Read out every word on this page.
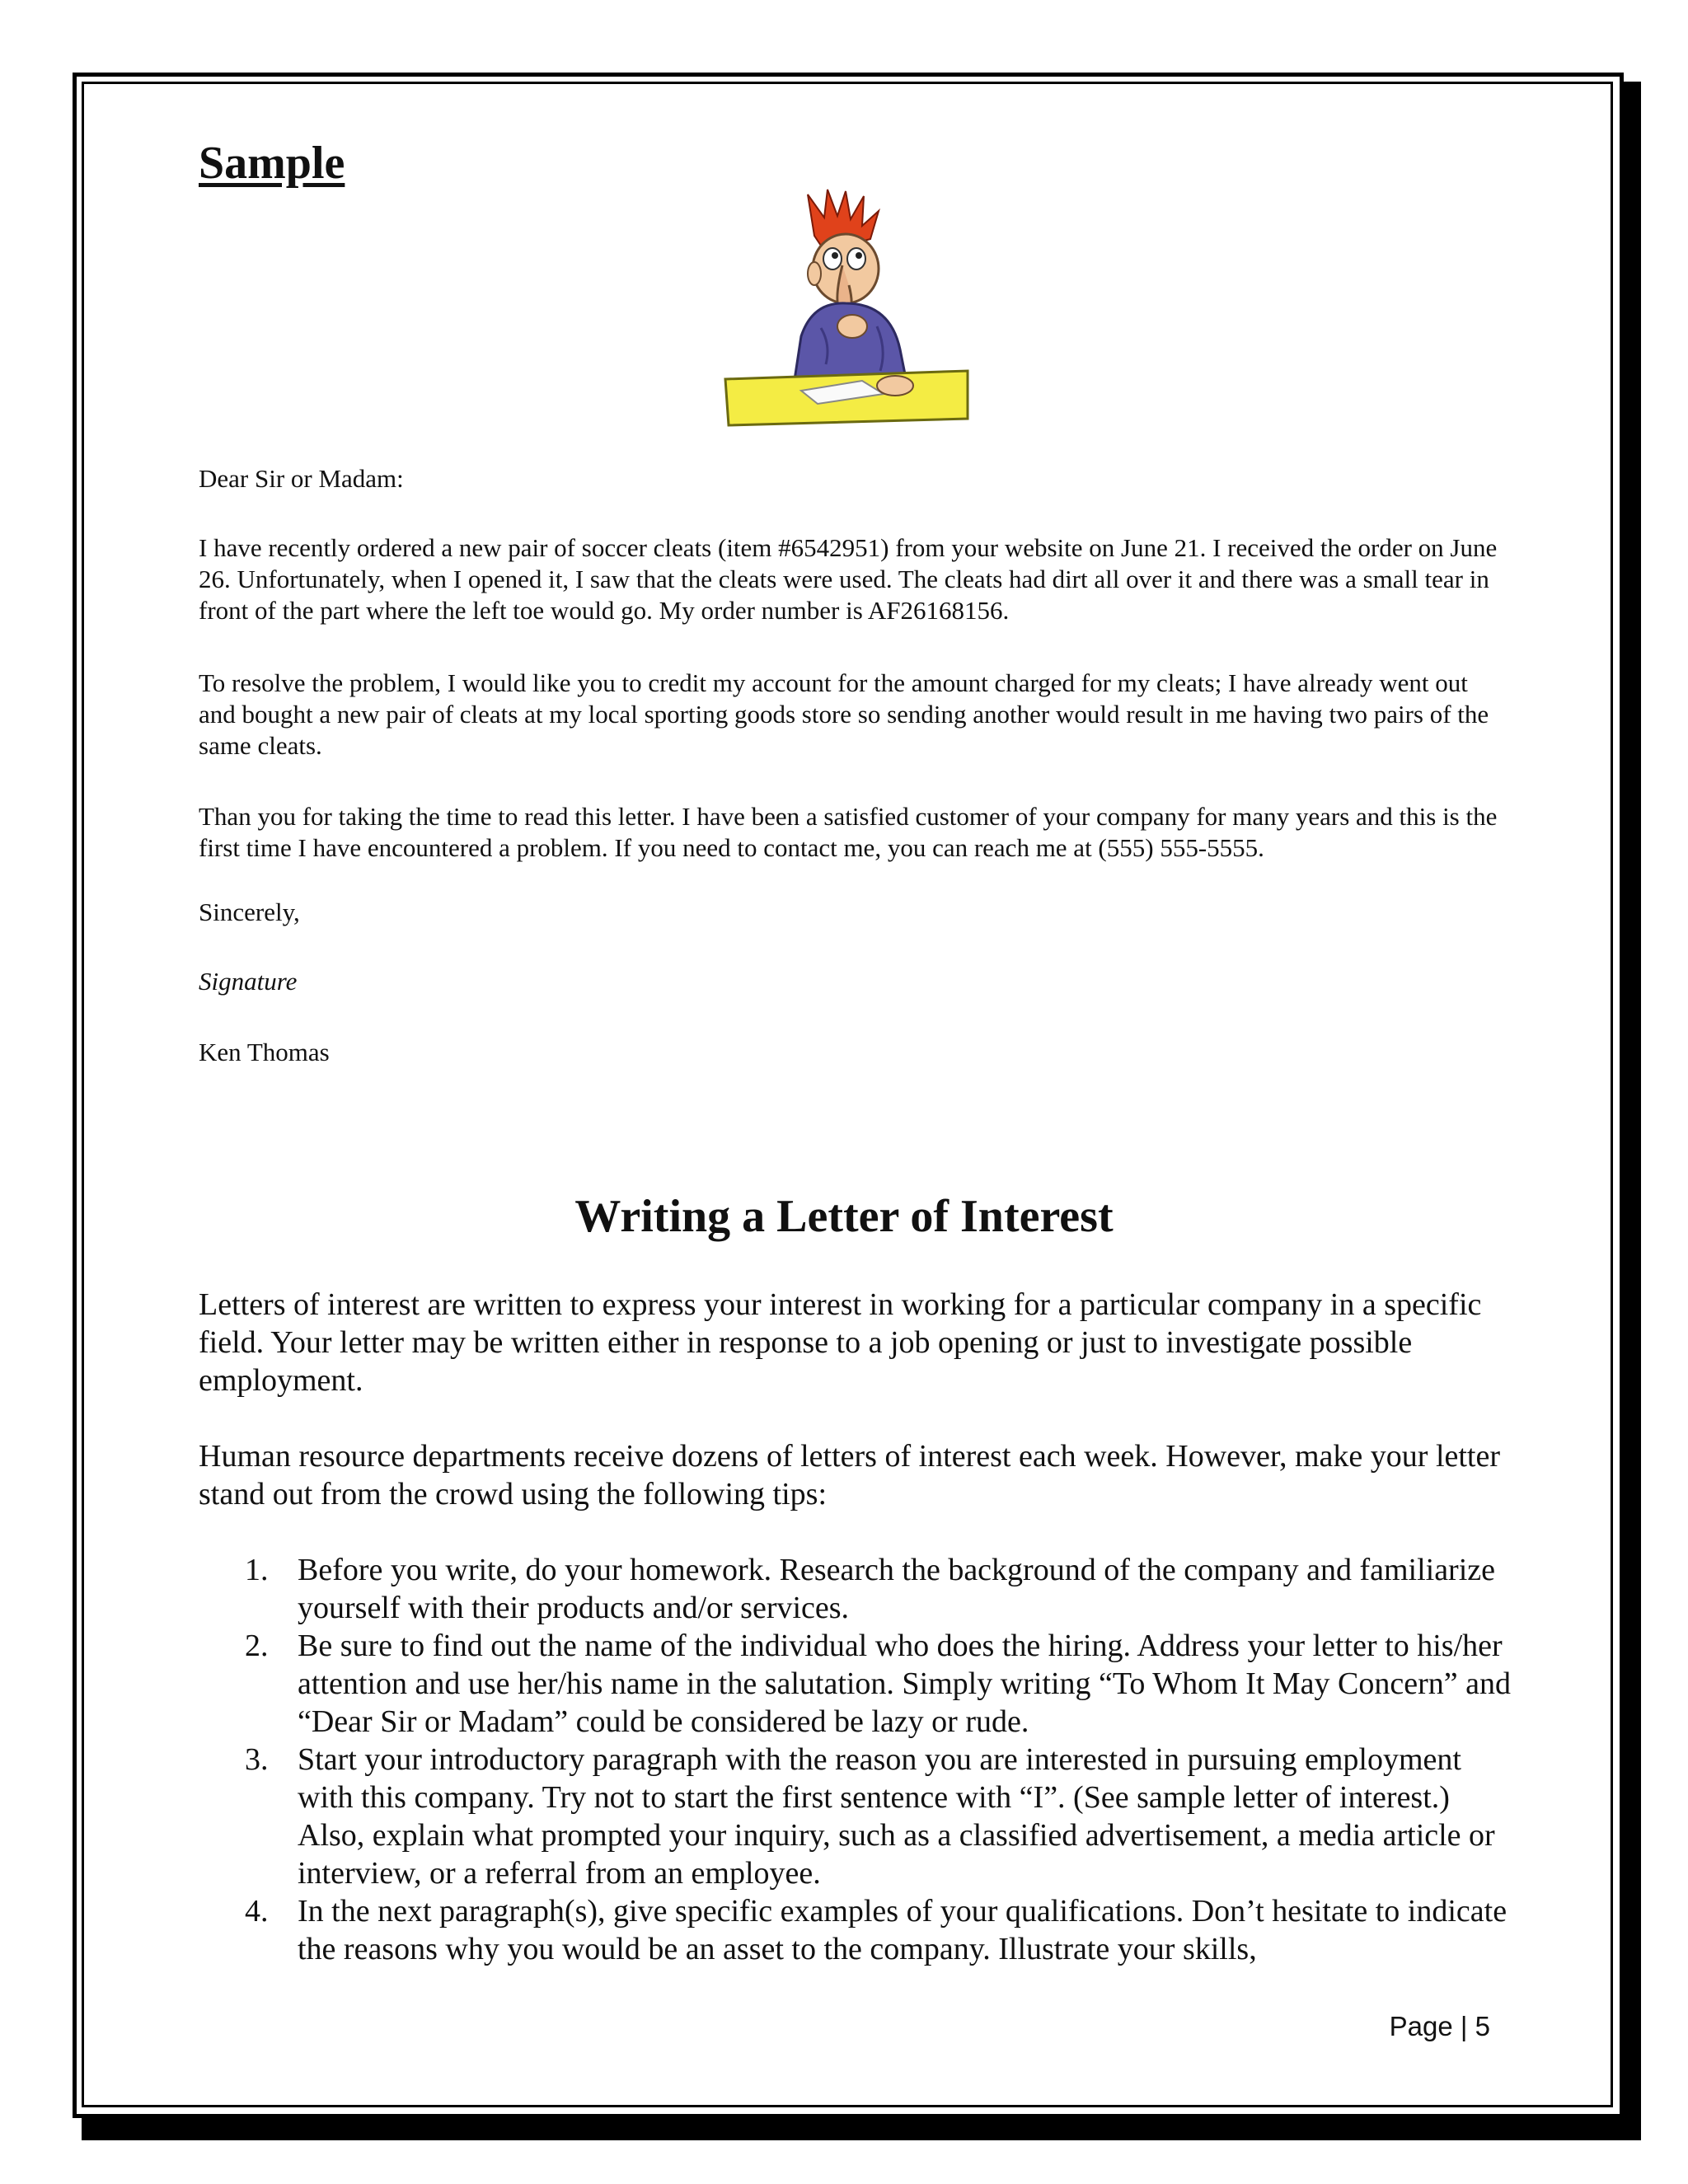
Sample

Dear Sir or Madam:

I have recently ordered a new pair of soccer cleats (item #6542951) from your website on June 21. I received the order on June 26. Unfortunately, when I opened it, I saw that the cleats were used. The cleats had dirt all over it and there was a small tear in front of the part where the left toe would go. My order number is AF26168156.

To resolve the problem, I would like you to credit my account for the amount charged for my cleats; I have already went out and bought a new pair of cleats at my local sporting goods store so sending another would result in me having two pairs of the same cleats.

Than you for taking the time to read this letter. I have been a satisfied customer of your company for many years and this is the first time I have encountered a problem. If you need to contact me, you can reach me at (555) 555-5555.

Sincerely,

Signature

Ken Thomas

Writing a Letter of Interest

Letters of interest are written to express your interest in working for a particular company in a specific field. Your letter may be written either in response to a job opening or just to investigate possible employment.

Human resource departments receive dozens of letters of interest each week. However, make your letter stand out from the crowd using the following tips:

1. Before you write, do your homework. Research the background of the company and familiarize yourself with their products and/or services.
2. Be sure to find out the name of the individual who does the hiring. Address your letter to his/her attention and use her/his name in the salutation. Simply writing “To Whom It May Concern” and “Dear Sir or Madam” could be considered be lazy or rude.
3. Start your introductory paragraph with the reason you are interested in pursuing employment with this company. Try not to start the first sentence with “I”. (See sample letter of interest.) Also, explain what prompted your inquiry, such as a classified advertisement, a media article or interview, or a referral from an employee.
4. In the next paragraph(s), give specific examples of your qualifications. Don’t hesitate to indicate the reasons why you would be an asset to the company. Illustrate your skills,
Page | 5
